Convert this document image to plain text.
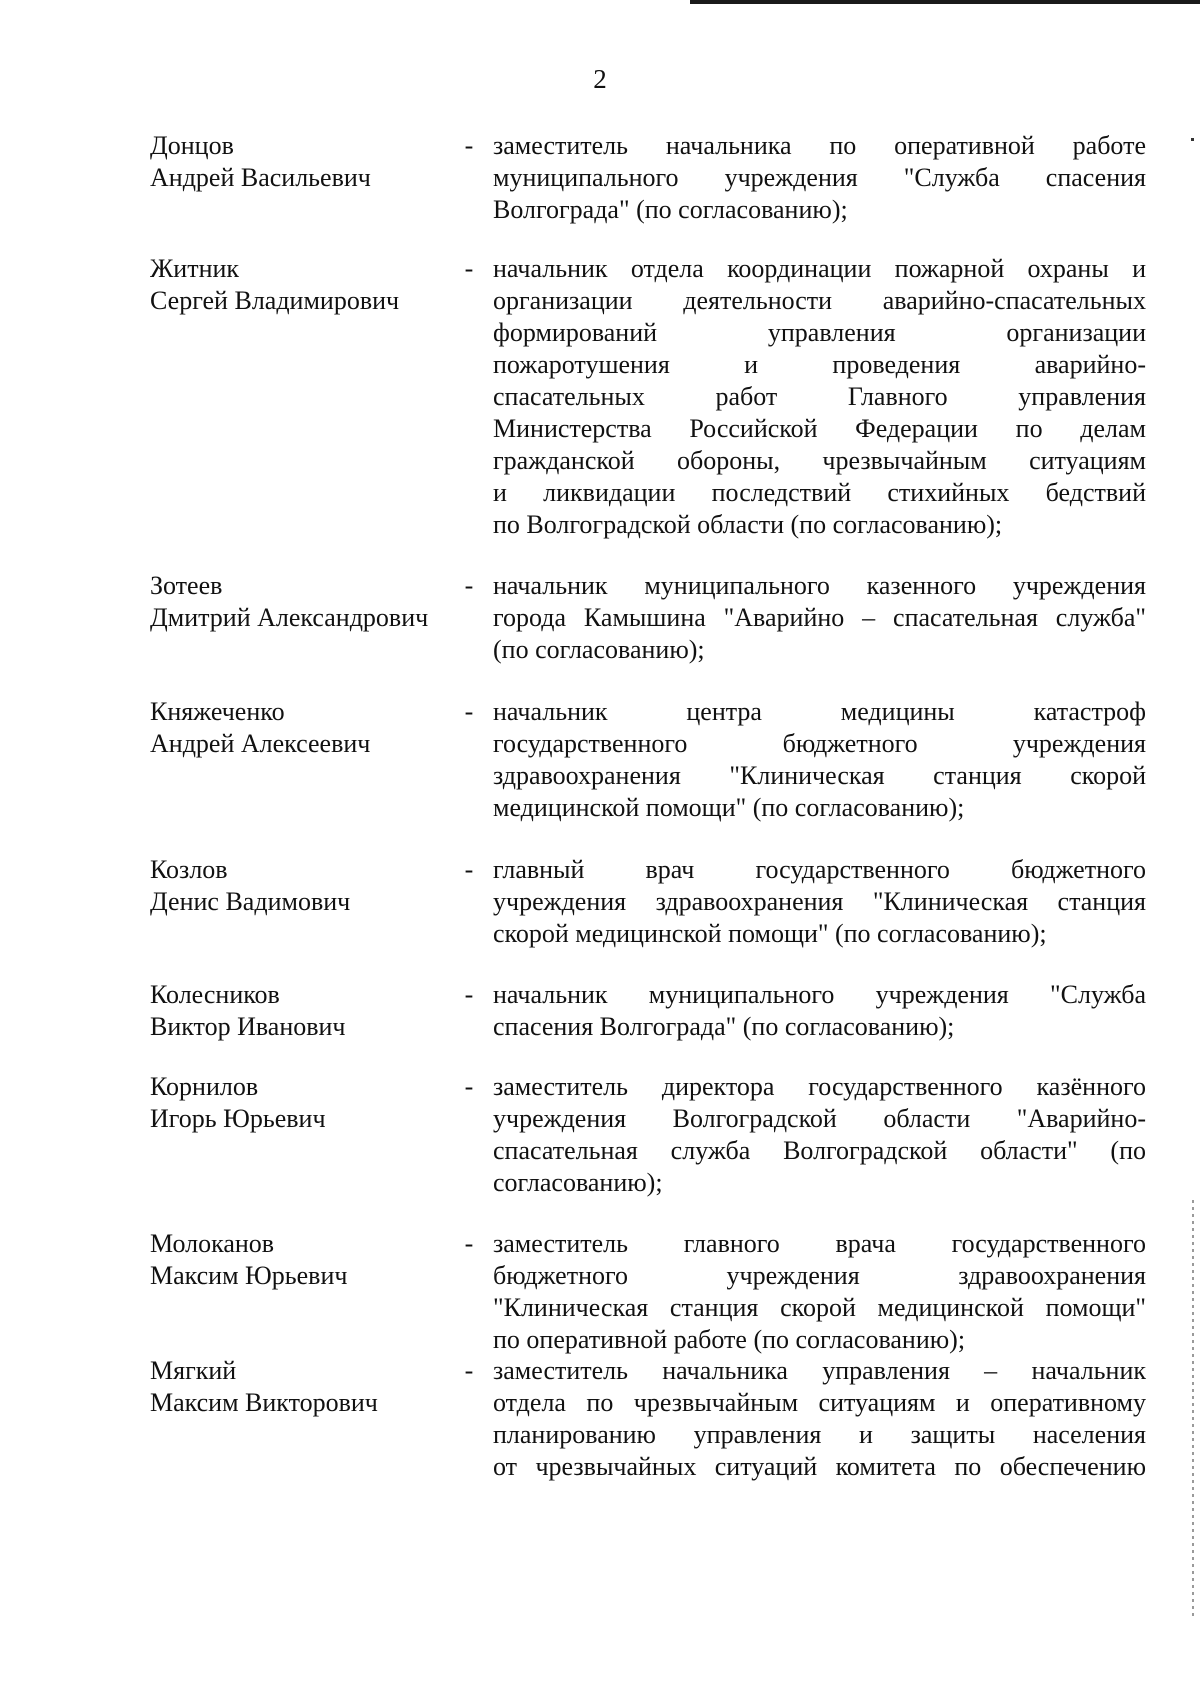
2
Донцов
Андрей Васильевич
- заместитель начальника по оперативной работе
муниципального учреждения "Служба спасения
Волгограда" (по согласованию);
Житник
Сергей Владимирович
- начальник отдела координации пожарной охраны и
организации деятельности аварийно-спасательных
формирований управления организации
пожаротушения и проведения аварийно-
спасательных работ Главного управления
Министерства Российской Федерации по делам
гражданской обороны, чрезвычайным ситуациям
и ликвидации последствий стихийных бедствий
по Волгоградской области (по согласованию);
Зотеев
Дмитрий Александрович
- начальник муниципального казенного учреждения
города Камышина "Аварийно – спасательная служба"
(по согласованию);
Княжеченко
Андрей Алексеевич
- начальник центра медицины катастроф
государственного бюджетного учреждения
здравоохранения "Клиническая станция скорой
медицинской помощи" (по согласованию);
Козлов
Денис Вадимович
- главный врач государственного бюджетного
учреждения здравоохранения "Клиническая станция
скорой медицинской помощи" (по согласованию);
Колесников
Виктор Иванович
- начальник муниципального учреждения "Служба
спасения Волгограда" (по согласованию);
Корнилов
Игорь Юрьевич
- заместитель директора государственного казённого
учреждения Волгоградской области "Аварийно-
спасательная служба Волгоградской области" (по
согласованию);
Молоканов
Максим Юрьевич
- заместитель главного врача государственного
бюджетного учреждения здравоохранения
"Клиническая станция скорой медицинской помощи"
по оперативной работе (по согласованию);
Мягкий
Максим Викторович
- заместитель начальника управления – начальник
отдела по чрезвычайным ситуациям и оперативному
планированию управления и защиты населения
от чрезвычайных ситуаций комитета по обеспечению
